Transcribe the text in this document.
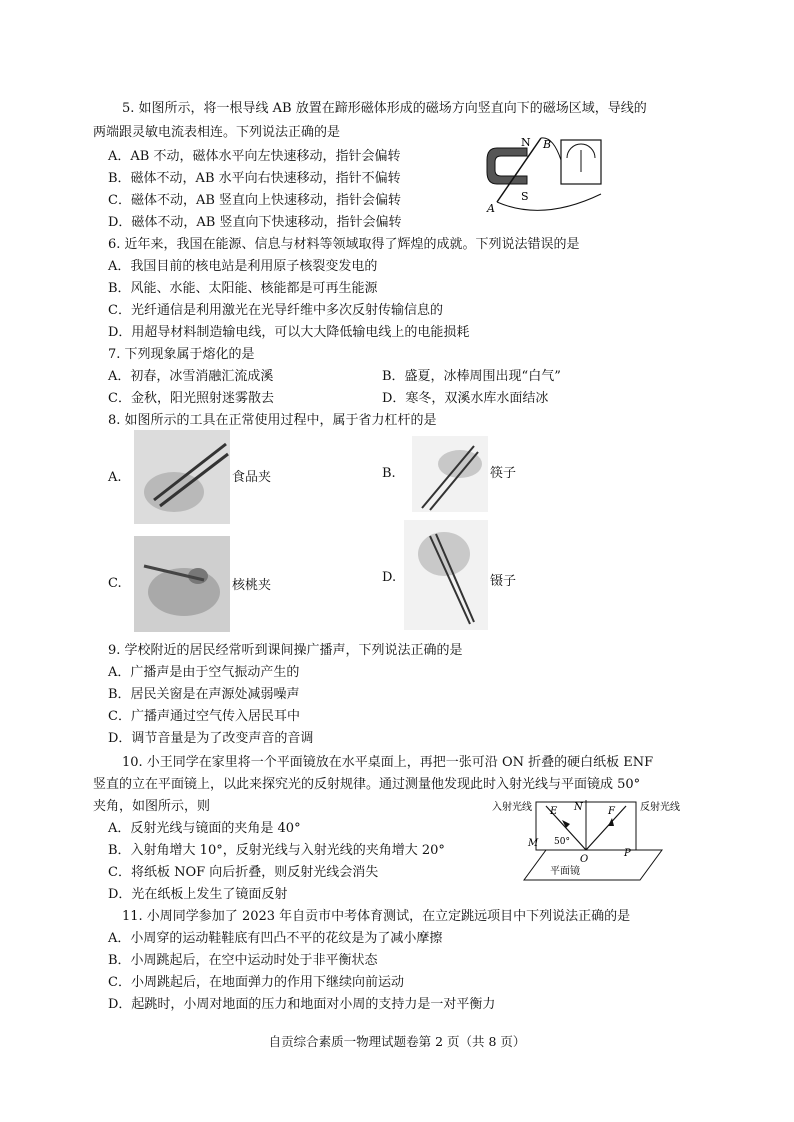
5. 如图所示，将一根导线 AB 放置在蹄形磁体形成的磁场方向竖直向下的磁场区域，导线的
两端跟灵敏电流表相连。下列说法正确的是
A．AB 不动，磁体水平向左快速移动，指针会偏转
B．磁体不动，AB 水平向右快速移动，指针不偏转
C．磁体不动，AB 竖直向上快速移动，指针会偏转
D．磁体不动，AB 竖直向下快速移动，指针会偏转
N
S
A
B
6. 近年来，我国在能源、信息与材料等领域取得了辉煌的成就。下列说法错误的是
A．我国目前的核电站是利用原子核裂变发电的
B．风能、水能、太阳能、核能都是可再生能源
C．光纤通信是利用激光在光导纤维中多次反射传输信息的
D．用超导材料制造输电线，可以大大降低输电线上的电能损耗
7. 下列现象属于熔化的是
A．初春，冰雪消融汇流成溪	B．盛夏，冰棒周围出现“白气”
C．金秋，阳光照射迷雾散去	D．寒冬，双溪水库水面结冰
8. 如图所示的工具在正常使用过程中，属于省力杠杆的是
A.	食品夹	B.	筷子
C.	核桃夹
D.	镊子
9. 学校附近的居民经常听到课间操广播声，下列说法正确的是
A．广播声是由于空气振动产生的
B．居民关窗是在声源处减弱噪声
C．广播声通过空气传入居民耳中
D．调节音量是为了改变声音的音调
10. 小王同学在家里将一个平面镜放在水平桌面上，再把一张可沿 ON 折叠的硬白纸板 ENF
竖直的立在平面镜上，以此来探究光的反射规律。通过测量他发现此时入射光线与平面镜成 50°
夹角，如图所示，则
A．反射光线与镜面的夹角是 40°
B．入射角增大 10°，反射光线与入射光线的夹角增大 20°
C．将纸板 NOF 向后折叠，则反射光线会消失
D．光在纸板上发生了镜面反射
入射光线	反射光线
平面镜
E N	F
M
O
P
50°
11. 小周同学参加了 2023 年自贡市中考体育测试，在立定跳远项目中下列说法正确的是
A．小周穿的运动鞋鞋底有凹凸不平的花纹是为了减小摩擦
B．小周跳起后，在空中运动时处于非平衡状态
C．小周跳起后，在地面弹力的作用下继续向前运动
D．起跳时，小周对地面的压力和地面对小周的支持力是一对平衡力
自贡综合素质一物理试题卷第 2 页（共 8 页）
